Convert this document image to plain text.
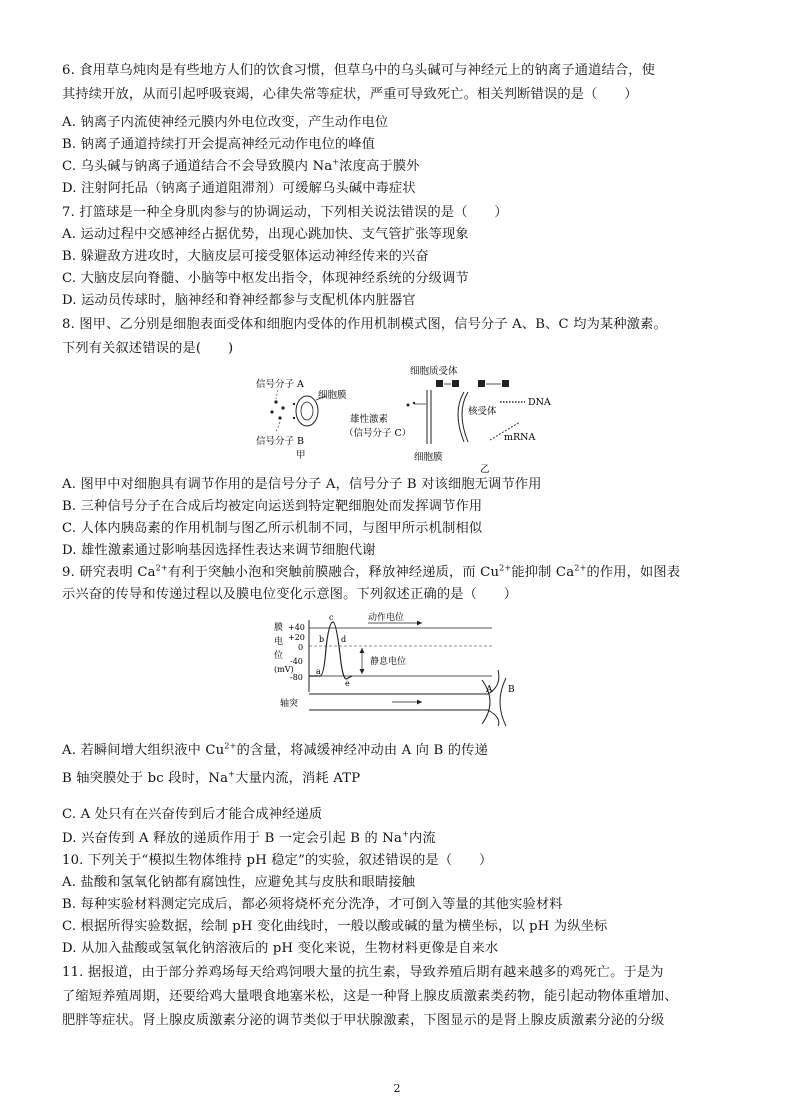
6. 食用草乌炖肉是有些地方人们的饮食习惯，但草乌中的乌头碱可与神经元上的钠离子通道结合，使
其持续开放，从而引起呼吸衰竭，心律失常等症状，严重可导致死亡。相关判断错误的是（　　）
A. 钠离子内流使神经元膜内外电位改变，产生动作电位
B. 钠离子通道持续打开会提高神经元动作电位的峰值
C. 乌头碱与钠离子通道结合不会导致膜内 Na+浓度高于膜外
D. 注射阿托品（钠离子通道阻滞剂）可缓解乌头碱中毒症状
7. 打篮球是一种全身肌肉参与的协调运动，下列相关说法错误的是（　　）
A. 运动过程中交感神经占据优势，出现心跳加快、支气管扩张等现象
B. 躲避敌方进攻时，大脑皮层可接受躯体运动神经传来的兴奋
C. 大脑皮层向脊髓、小脑等中枢发出指令，体现神经系统的分级调节
D. 运动员传球时，脑神经和脊神经都参与支配机体内脏器官
8. 图甲、乙分别是细胞表面受体和细胞内受体的作用机制模式图，信号分子 A、B、C 均为某种激素。
下列有关叙述错误的是(　　)
信号分子 A
细胞膜
信号分子 B
甲
细胞质受体
雄性激素
（信号分子 C）
细胞膜
核受体
DNA
mRNA
乙
A. 图甲中对细胞具有调节作用的是信号分子 A，信号分子 B 对该细胞无调节作用
B. 三种信号分子在合成后均被定向运送到特定靶细胞处而发挥调节作用
C. 人体内胰岛素的作用机制与图乙所示机制不同，与图甲所示机制相似
D. 雄性激素通过影响基因选择性表达来调节细胞代谢
9. 研究表明 $Ca^{2+}$有利于突触小泡和突触前膜融合，释放神经递质，而 $Cu^{2+}$能抑制 $Ca^{2+}$的作用，如图表
示兴奋的传导和传递过程以及膜电位变化示意图。下列叙述正确的是（　　）
膜
电
位
(mV)
+40
+20
0
-40
-80
a
b
c
d
e
动作电位
静息电位
轴突
A B
A. 若瞬间增大组织液中 $Cu^{2+}$的含量，将减缓神经冲动由 A 向 B 的传递
B 轴突膜处于 bc 段时，Na+大量内流，消耗 ATP
C. A 处只有在兴奋传到后才能合成神经递质
D. 兴奋传到 A 释放的递质作用于 B 一定会引起 B 的 Na+内流
10. 下列关于“模拟生物体维持 pH 稳定”的实验，叙述错误的是（　　）
A. 盐酸和氢氧化钠都有腐蚀性，应避免其与皮肤和眼睛接触
B. 每种实验材料测定完成后，都必须将烧杯充分洗净，才可倒入等量的其他实验材料
C. 根据所得实验数据，绘制 pH 变化曲线时，一般以酸或碱的量为横坐标，以 pH 为纵坐标
D. 从加入盐酸或氢氧化钠溶液后的 pH 变化来说，生物材料更像是自来水
11. 据报道，由于部分养鸡场每天给鸡饲喂大量的抗生素，导致养殖后期有越来越多的鸡死亡。于是为
了缩短养殖周期，还要给鸡大量喂食地塞米松，这是一种肾上腺皮质激素类药物，能引起动物体重增加、
肥胖等症状。肾上腺皮质激素分泌的调节类似于甲状腺激素，下图显示的是肾上腺皮质激素分泌的分级
2
